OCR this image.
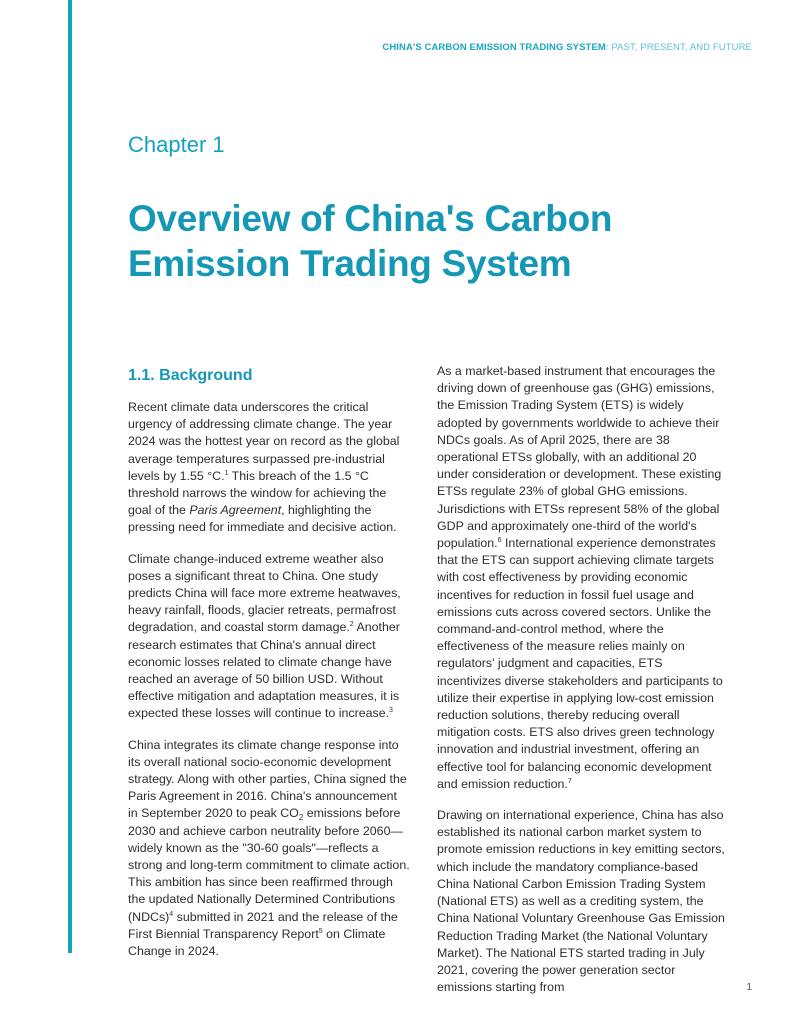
CHINA'S CARBON EMISSION TRADING SYSTEM: PAST, PRESENT, AND FUTURE
Chapter 1
Overview of China's Carbon Emission Trading System
1.1. Background

Recent climate data underscores the critical urgency of addressing climate change. The year 2024 was the hottest year on record as the global average temperatures surpassed pre-industrial levels by 1.55 °C.$^1$ This breach of the 1.5 °C threshold narrows the window for achieving the goal of the Paris Agreement, highlighting the pressing need for immediate and decisive action.

Climate change-induced extreme weather also poses a significant threat to China. One study predicts China will face more extreme heatwaves, heavy rainfall, floods, glacier retreats, permafrost degradation, and coastal storm damage.$^2$ Another research estimates that China's annual direct economic losses related to climate change have reached an average of 50 billion USD. Without effective mitigation and adaptation measures, it is expected these losses will continue to increase.$^3$

China integrates its climate change response into its overall national socio-economic development strategy. Along with other parties, China signed the Paris Agreement in 2016. China's announcement in September 2020 to peak $CO_2$ emissions before 2030 and achieve carbon neutrality before 2060—widely known as the "30-60 goals"—reflects a strong and long-term commitment to climate action. This ambition has since been reaffirmed through the updated Nationally Determined Contributions (NDCs)$^4$ submitted in 2021 and the release of the First Biennial Transparency Report$^5$ on Climate Change in 2024.

As a market-based instrument that encourages the driving down of greenhouse gas (GHG) emissions, the Emission Trading System (ETS) is widely adopted by governments worldwide to achieve their NDCs goals. As of April 2025, there are 38 operational ETSs globally, with an additional 20 under consideration or development. These existing ETSs regulate 23% of global GHG emissions. Jurisdictions with ETSs represent 58% of the global GDP and approximately one-third of the world's population.$^6$ International experience demonstrates that the ETS can support achieving climate targets with cost effectiveness by providing economic incentives for reduction in fossil fuel usage and emissions cuts across covered sectors. Unlike the command-and-control method, where the effectiveness of the measure relies mainly on regulators' judgment and capacities, ETS incentivizes diverse stakeholders and participants to utilize their expertise in applying low-cost emission reduction solutions, thereby reducing overall mitigation costs. ETS also drives green technology innovation and industrial investment, offering an effective tool for balancing economic development and emission reduction.$^7$

Drawing on international experience, China has also established its national carbon market system to promote emission reductions in key emitting sectors, which include the mandatory compliance-based China National Carbon Emission Trading System (National ETS) as well as a crediting system, the China National Voluntary Greenhouse Gas Emission Reduction Trading Market (the National Voluntary Market). The National ETS started trading in July 2021, covering the power generation sector emissions starting from	1
